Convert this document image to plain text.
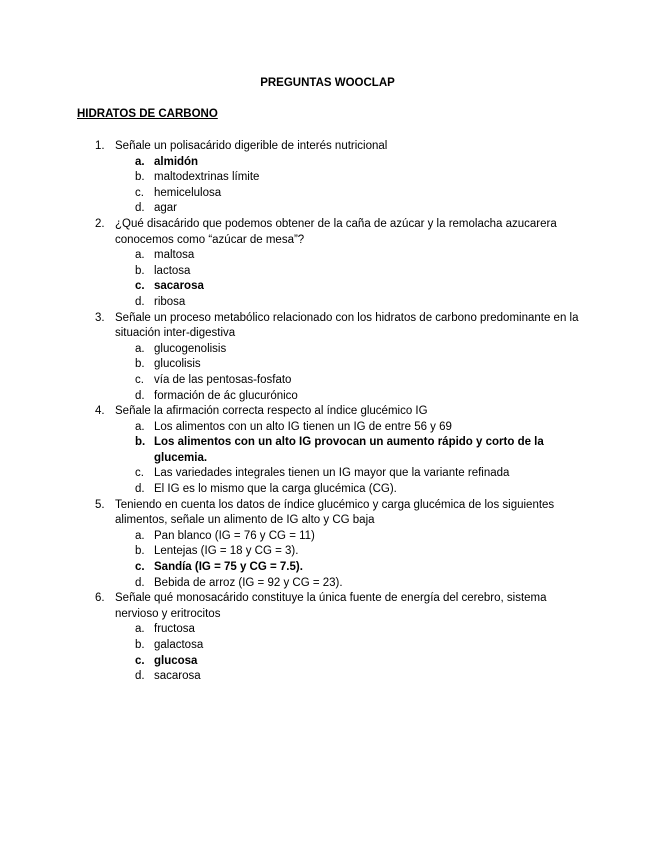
PREGUNTAS WOOCLAP
HIDRATOS DE CARBONO
1. Señale un polisacárido digerible de interés nutricional
a. almidón
b. maltodextrinas límite
c. hemicelulosa
d. agar
2. ¿Qué disacárido que podemos obtener de la caña de azúcar y la remolacha azucarera conocemos como “azúcar de mesa”?
a. maltosa
b. lactosa
c. sacarosa
d. ribosa
3. Señale un proceso metabólico relacionado con los hidratos de carbono predominante en la situación inter-digestiva
a. glucogenolisis
b. glucolisis
c. vía de las pentosas-fosfato
d. formación de ác glucurónico
4. Señale la afirmación correcta respecto al índice glucémico IG
a. Los alimentos con un alto IG tienen un IG de entre 56 y 69
b. Los alimentos con un alto IG provocan un aumento rápido y corto de la glucemia.
c. Las variedades integrales tienen un IG mayor que la variante refinada
d. El IG es lo mismo que la carga glucémica (CG).
5. Teniendo en cuenta los datos de índice glucémico y carga glucémica de los siguientes alimentos, señale un alimento de IG alto y CG baja
a. Pan blanco (IG = 76 y CG = 11)
b. Lentejas (IG = 18 y CG = 3).
c. Sandía (IG = 75 y CG = 7.5).
d. Bebida de arroz (IG = 92 y CG = 23).
6. Señale qué monosacárido constituye la única fuente de energía del cerebro, sistema nervioso y eritrocitos
a. fructosa
b. galactosa
c. glucosa
d. sacarosa
